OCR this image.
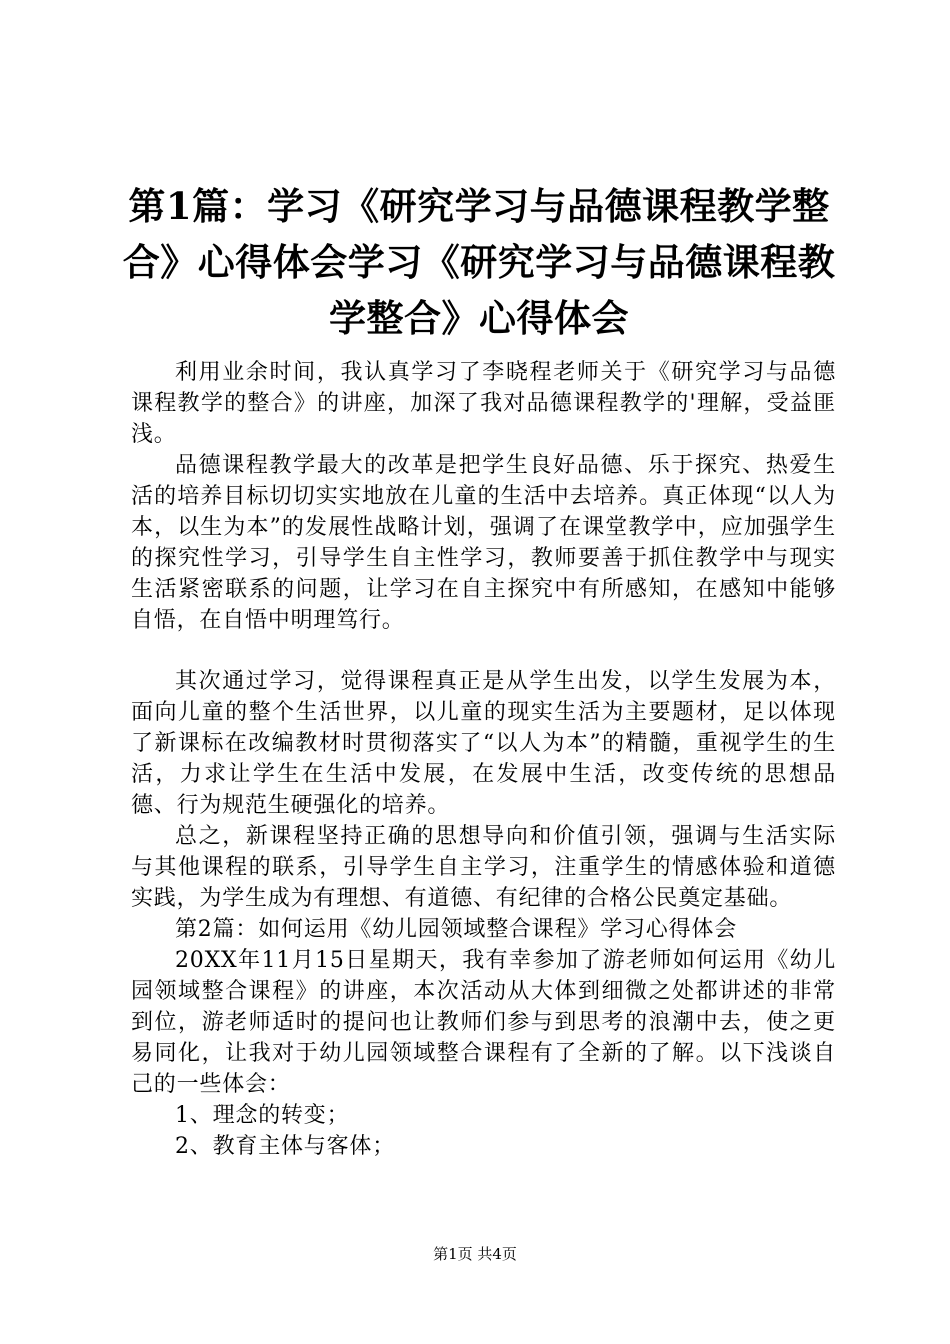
第1篇：学习《研究学习与品德课程教学整合》心得体会学习《研究学习与品德课程教学整合》心得体会

利用业余时间，我认真学习了李晓程老师关于《研究学习与品德课程教学的整合》的讲座，加深了我对品德课程教学的'理解，受益匪浅。

品德课程教学最大的改革是把学生良好品德、乐于探究、热爱生活的培养目标切切实实地放在儿童的生活中去培养。真正体现“以人为本，以生为本”的发展性战略计划，强调了在课堂教学中，应加强学生的探究性学习，引导学生自主性学习，教师要善于抓住教学中与现实生活紧密联系的问题，让学习在自主探究中有所感知，在感知中能够自悟，在自悟中明理笃行。

其次通过学习，觉得课程真正是从学生出发，以学生发展为本，面向儿童的整个生活世界，以儿童的现实生活为主要题材，足以体现了新课标在改编教材时贯彻落实了“以人为本”的精髓，重视学生的生活，力求让学生在生活中发展，在发展中生活，改变传统的思想品德、行为规范生硬强化的培养。

总之，新课程坚持正确的思想导向和价值引领，强调与生活实际与其他课程的联系，引导学生自主学习，注重学生的情感体验和道德实践，为学生成为有理想、有道德、有纪律的合格公民奠定基础。

第2篇：如何运用《幼儿园领域整合课程》学习心得体会

20XX年11月15日星期天，我有幸参加了游老师如何运用《幼儿园领域整合课程》的讲座，本次活动从大体到细微之处都讲述的非常到位，游老师适时的提问也让教师们参与到思考的浪潮中去，使之更易同化，让我对于幼儿园领域整合课程有了全新的了解。以下浅谈自己的一些体会：

1、理念的转变；

2、教育主体与客体；

第1页 共4页
